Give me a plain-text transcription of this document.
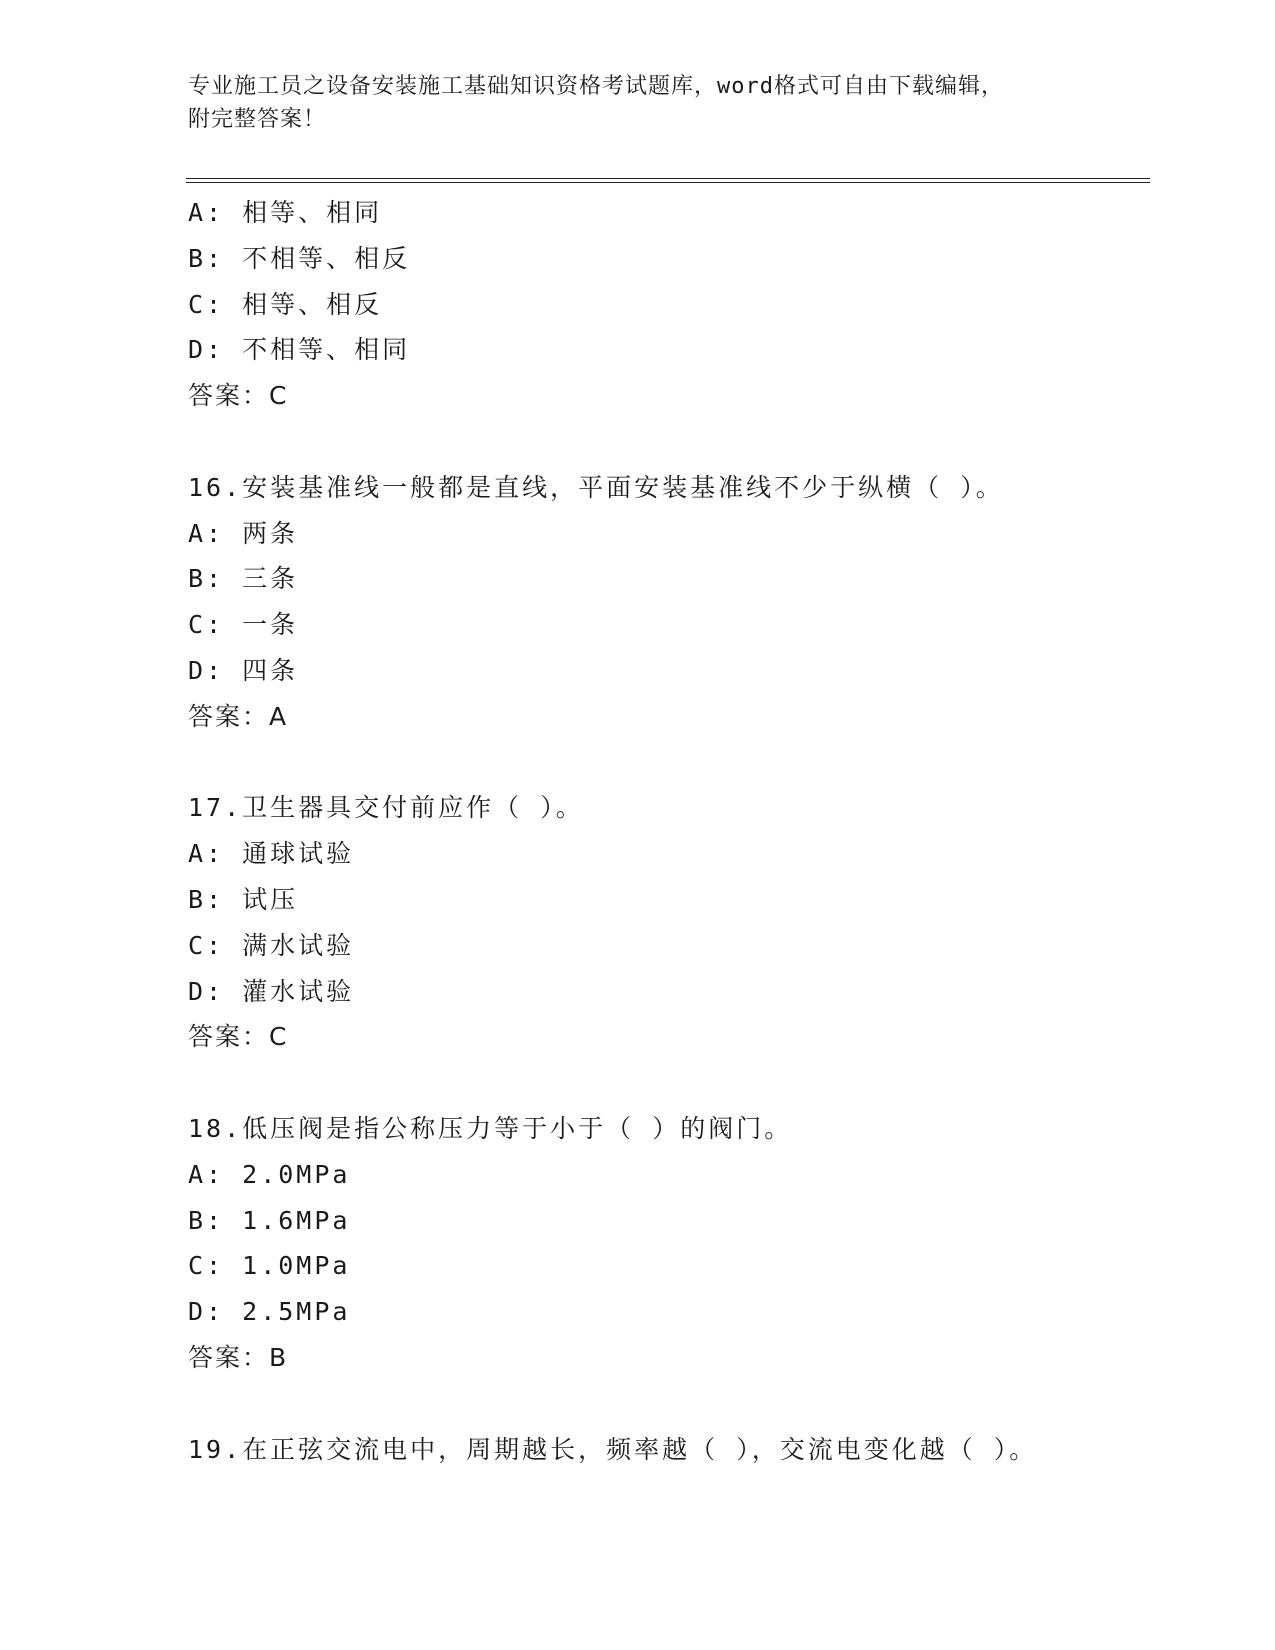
专业施工员之设备安装施工基础知识资格考试题库，word格式可自由下载编辑，
附完整答案！
A: 相等、相同
B: 不相等、相反
C: 相等、相反
D: 不相等、相同
答案：C
16.安装基准线一般都是直线，平面安装基准线不少于纵横（ ）。
A: 两条
B: 三条
C: 一条
D: 四条
答案：A
17.卫生器具交付前应作（ ）。
A: 通球试验
B: 试压
C: 满水试验
D: 灌水试验
答案：C
18.低压阀是指公称压力等于小于（ ）的阀门。
A: 2.0MPa
B: 1.6MPa
C: 1.0MPa
D: 2.5MPa
答案：B
19.在正弦交流电中，周期越长，频率越（ ），交流电变化越（ ）。
